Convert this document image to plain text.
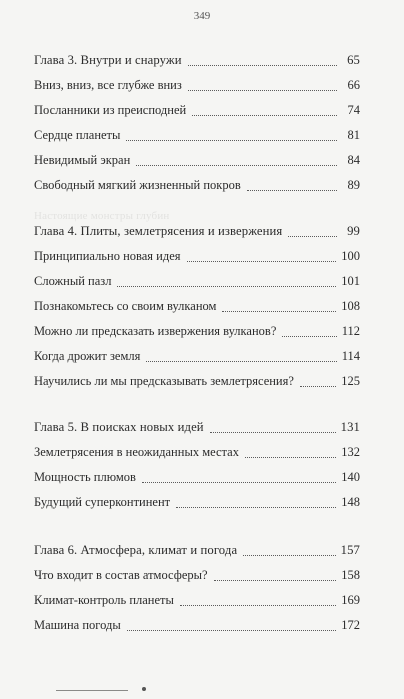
349
Настоящие монстры глубин
Глава 3. Внутри и снаружи	65
Вниз, вниз, все глубже вниз	66
Посланники из преисподней	74
Сердце планеты	81
Невидимый экран	84
Свободный мягкий жизненный покров	89
Глава 4. Плиты, землетрясения и извержения	99
Принципиально новая идея	100
Сложный пазл	101
Познакомьтесь со своим вулканом	108
Можно ли предсказать извержения вулканов?	112
Когда дрожит земля	114
Научились ли мы предсказывать землетрясения?	125
Глава 5. В поисках новых идей	131
Землетрясения в неожиданных местах	132
Мощность плюмов	140
Будущий суперконтинент	148
Глава 6. Атмосфера, климат и погода	157
Что входит в состав атмосферы?	158
Климат-контроль планеты	169
Машина погоды	172
